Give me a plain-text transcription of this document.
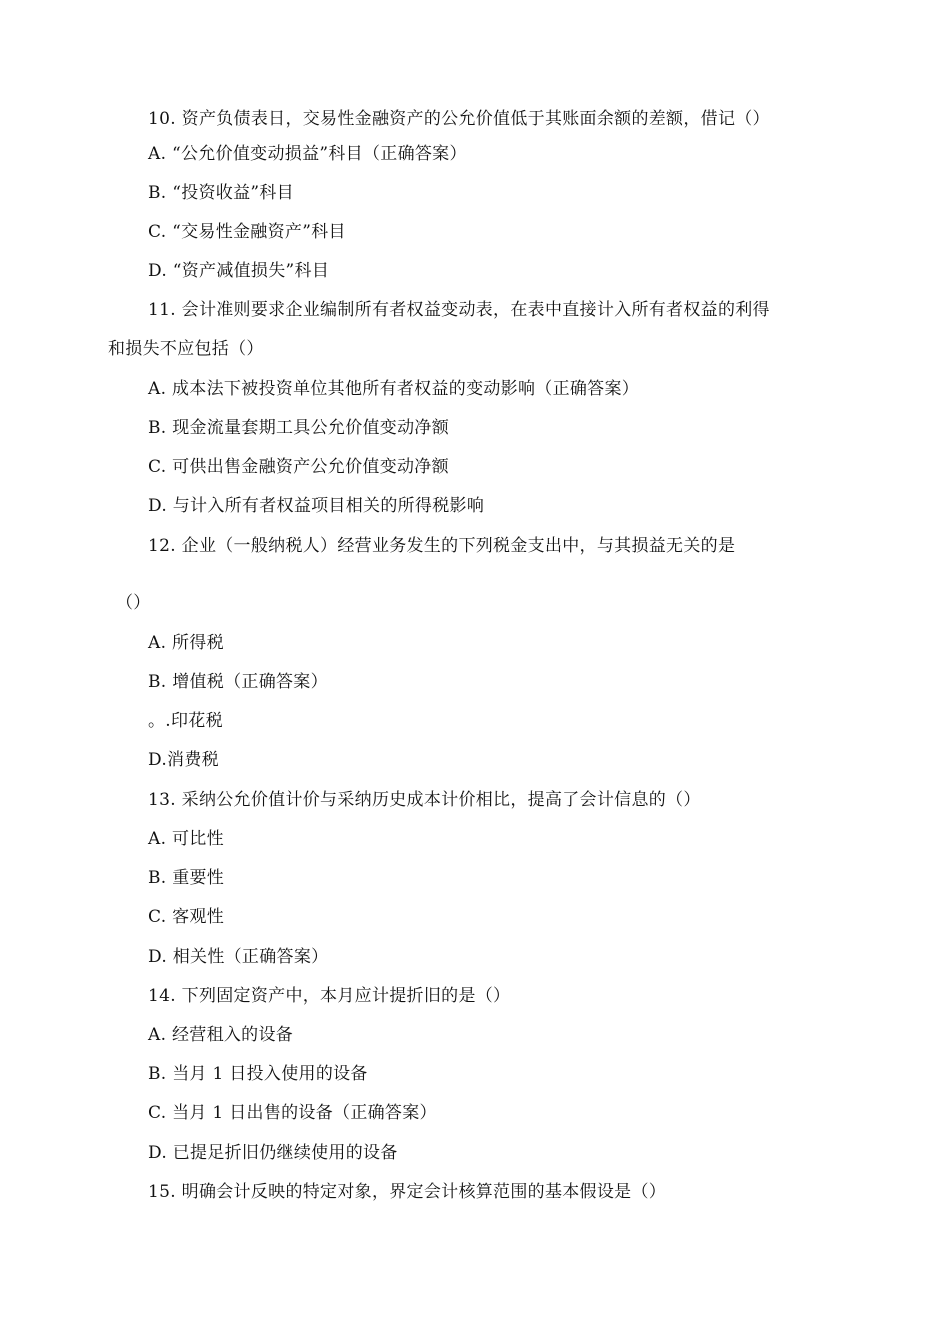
10. 资产负债表日，交易性金融资产的公允价值低于其账面余额的差额，借记（）
A. “公允价值变动损益”科目（正确答案）
B. “投资收益”科目
C. “交易性金融资产”科目
D. “资产减值损失”科目
11. 会计准则要求企业编制所有者权益变动表，在表中直接计入所有者权益的利得
和损失不应包括（）
A. 成本法下被投资单位其他所有者权益的变动影响（正确答案）
B. 现金流量套期工具公允价值变动净额
C. 可供出售金融资产公允价值变动净额
D. 与计入所有者权益项目相关的所得税影响
12. 企业（一般纳税人）经营业务发生的下列税金支出中，与其损益无关的是
（）
A. 所得税
B. 增值税（正确答案）
。.印花税
D.消费税
13. 采纳公允价值计价与采纳历史成本计价相比，提高了会计信息的（）
A. 可比性
B. 重要性
C. 客观性
D. 相关性（正确答案）
14. 下列固定资产中，本月应计提折旧的是（）
A. 经营租入的设备
B. 当月 1 日投入使用的设备
C. 当月 1 日出售的设备（正确答案）
D. 已提足折旧仍继续使用的设备
15. 明确会计反映的特定对象，界定会计核算范围的基本假设是（）
